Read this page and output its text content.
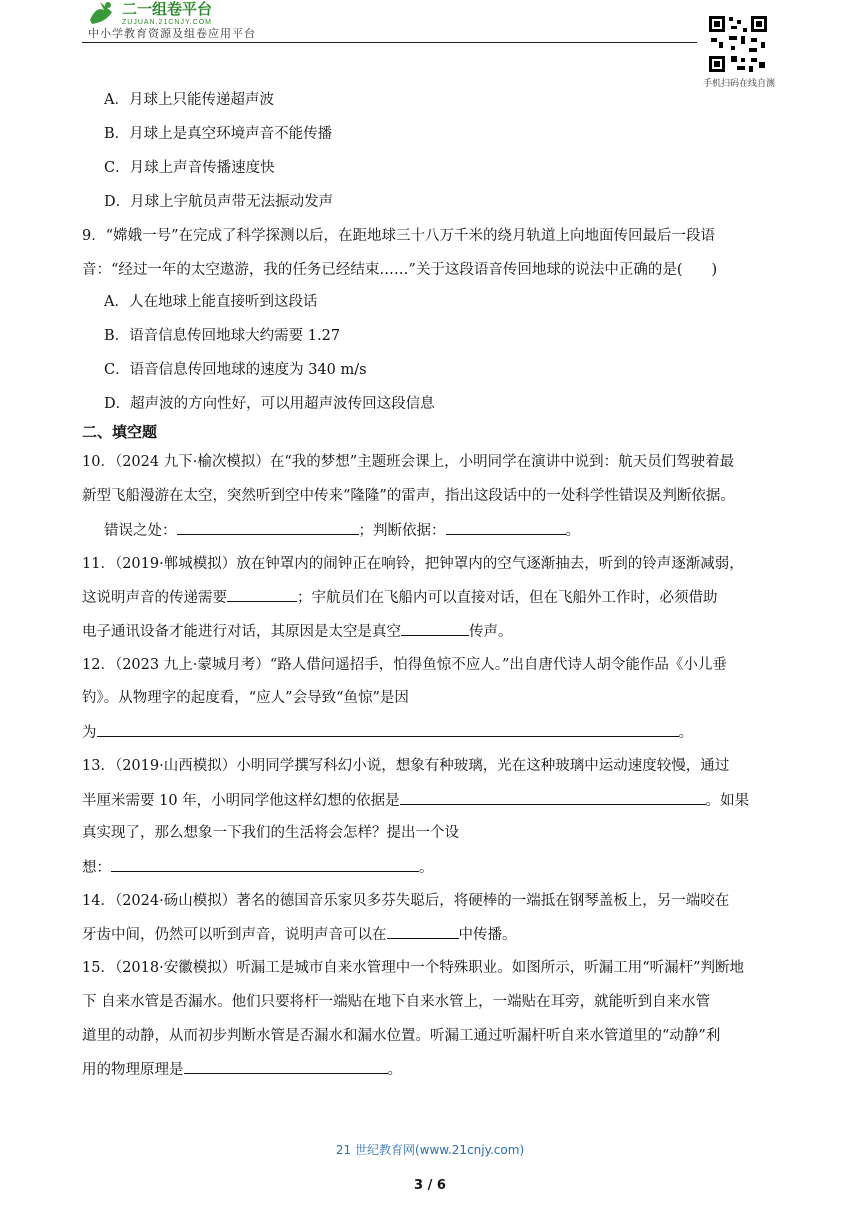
二一组卷平台
ZUJUAN.21CNJY.COM
中小学教育资源及组卷应用平台
手机扫码在线自测
A．月球上只能传递超声波
B．月球上是真空环境声音不能传播
C．月球上声音传播速度快
D．月球上宇航员声带无法振动发声
9．“嫦娥一号”在完成了科学探测以后，在距地球三十八万千米的绕月轨道上向地面传回最后一段语
音：“经过一年的太空遨游，我的任务已经结束……”关于这段语音传回地球的说法中正确的是(　　)
A．人在地球上能直接听到这段话
B．语音信息传回地球大约需要 1.27
C．语音信息传回地球的速度为 340 m/s
D．超声波的方向性好，可以用超声波传回这段信息
二、填空题
10．（2024 九下·榆次模拟）在“我的梦想”主题班会课上，小明同学在演讲中说到：航天员们驾驶着最
新型飞船漫游在太空，突然听到空中传来“隆隆”的雷声，指出这段话中的一处科学性错误及判断依据。
错误之处：	；判断依据：	。
11．（2019·郸城模拟）放在钟罩内的闹钟正在响铃，把钟罩内的空气逐渐抽去，听到的铃声逐渐减弱，
这说明声音的传递需要	；宇航员们在飞船内可以直接对话，但在飞船外工作时，必须借助
电子通讯设备才能进行对话，其原因是太空是真空	传声。
12．（2023 九上·蒙城月考）“路人借问遥招手，怕得鱼惊不应人。”出自唐代诗人胡令能作品《小儿垂
钓》。从物理字的起度看，“应人”会导致“鱼惊”是因
为	。
13．（2019·山西模拟）小明同学撰写科幻小说，想象有种玻璃，光在这种玻璃中运动速度较慢，通过
半厘米需要 10 年，小明同学他这样幻想的依据是	。如果
真实现了，那么想象一下我们的生活将会怎样？提出一个设
想：	。
14．（2024·砀山模拟）著名的德国音乐家贝多芬失聪后，将硬棒的一端抵在钢琴盖板上，另一端咬在
牙齿中间，仍然可以听到声音，说明声音可以在	中传播。
15．（2018·安徽模拟）听漏工是城市自来水管理中一个特殊职业。如图所示，听漏工用“听漏杆”判断地
下 自来水管是否漏水。他们只要将杆一端贴在地下自来水管上，一端贴在耳旁，就能听到自来水管
道里的动静，从而初步判断水管是否漏水和漏水位置。听漏工通过听漏杆听自来水管道里的“动静”利
用的物理原理是	。
21 世纪教育网(www.21cnjy.com)
3 / 6
